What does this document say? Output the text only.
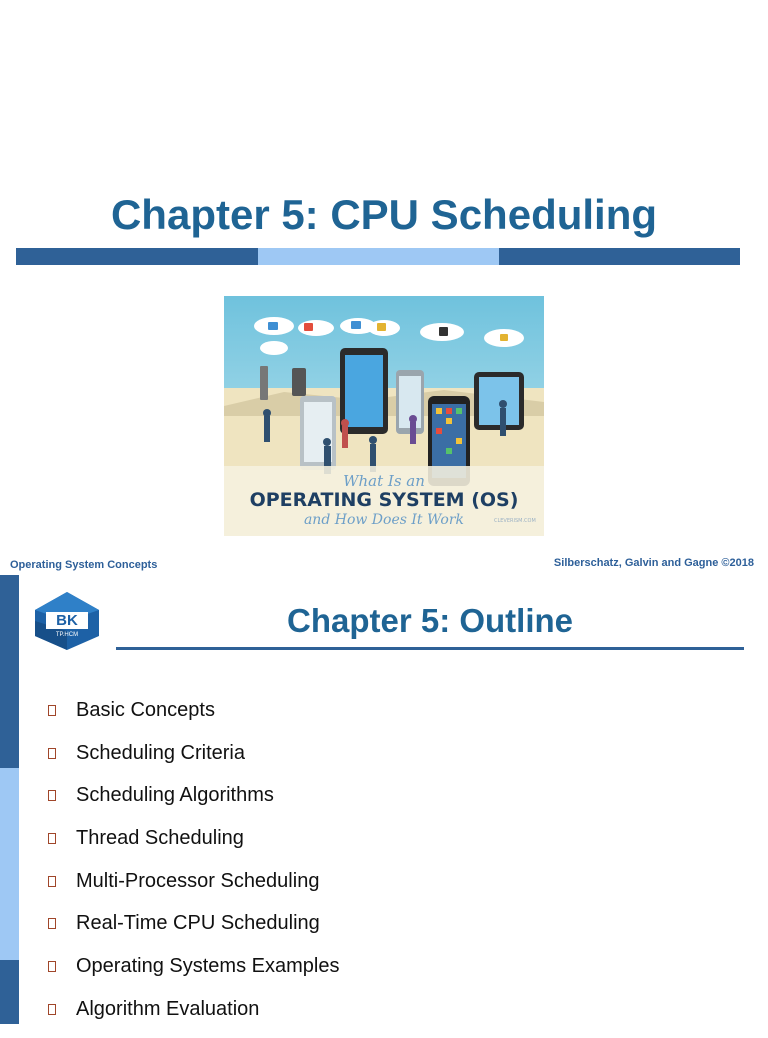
Chapter 5: CPU Scheduling
What Is an
OPERATING SYSTEM (OS)
and How Does It Work	CLEVERISM.COM
Operating System Concepts	Silberschatz, Galvin and Gagne ©2018
BK
TP.HCM	Chapter 5: Outline
Basic Concepts
Scheduling Criteria
Scheduling Algorithms
Thread Scheduling
Multi-Processor Scheduling
Real-Time CPU Scheduling
Operating Systems Examples
Algorithm Evaluation
